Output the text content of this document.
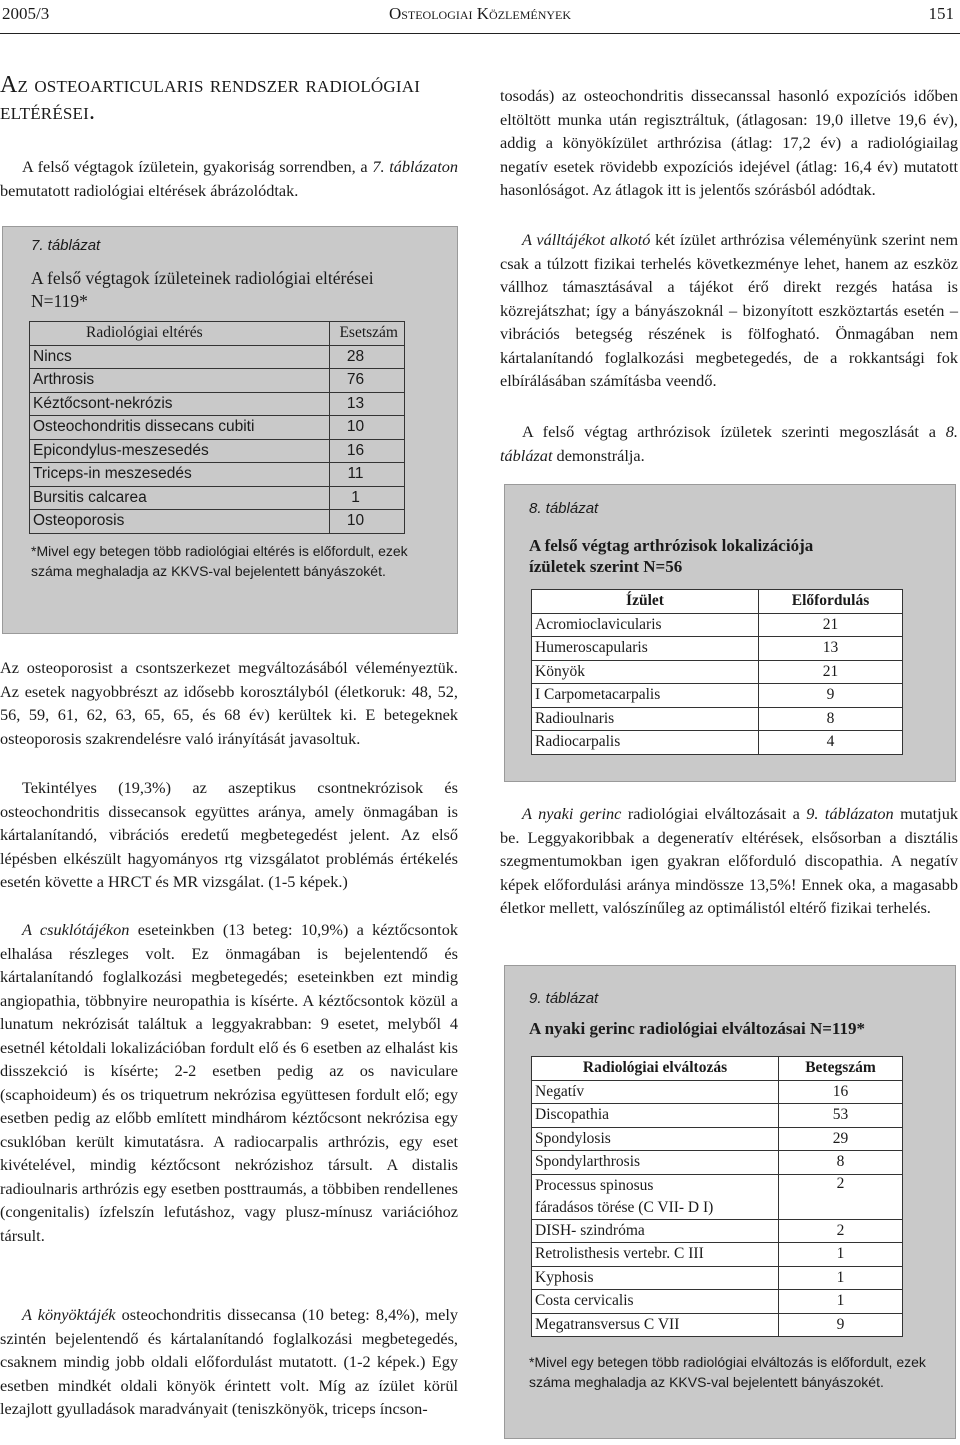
2005/3	Osteologiai Közlemények	151
Az osteoarticularis rendszer radiológiai eltérései.
A felső végtagok ízületein, gyakoriság sorrendben, a 7. táblázaton bemutatott radiológiai eltérések ábrázolódtak.
7. táblázat
A felső végtagok ízületeinek radiológiai eltérései N=119*
Radiológiai eltérés	Esetszám
Nincs	28
Arthrosis	76
Kéztőcsont-nekrózis	13
Osteochondritis dissecans cubiti	10
Epicondylus-meszesedés	16
Triceps-in meszesedés	11
Bursitis calcarea	1
Osteoporosis	10
*Mivel egy betegen több radiológiai eltérés is előfordult, ezek száma meghaladja az KKVS-val bejelentett bányászokét.
Az osteoporosist a csontszerkezet megváltozásából véleményeztük. Az esetek nagyobbrészt az idősebb korosztályból (életkoruk: 48, 52, 56, 59, 61, 62, 63, 65, 65, és 68 év) kerültek ki. E betegeknek osteoporosis szakrendelésre való irányítását javasoltuk.
Tekintélyes (19,3%) az aszeptikus csontnekrózisok és osteochondritis dissecansok együttes aránya, amely önmagában is kártalanítandó, vibrációs eredetű megbetegedést jelent. Az első lépésben elkészült hagyományos rtg vizsgálatot problémás értékelés esetén követte a HRCT és MR vizsgálat. (1-5 képek.)
A csuklótájékon eseteinkben (13 beteg: 10,9%) a kéztőcsontok elhalása részleges volt. Ez önmagában is bejelentendő és kártalanítandó foglalkozási megbetegedés; eseteinkben ezt mindig angiopathia, többnyire neuropathia is kísérte. A kéztőcsontok közül a lunatum nekrózisát találtuk a leggyakrabban: 9 esetet, melyből 4 esetnél kétoldali lokalizációban fordult elő és 6 esetben az elhalást kis disszekció is kísérte; 2-2 esetben pedig az os naviculare (scaphoideum) és os triquetrum nekrózisa együttesen fordult elő; egy esetben pedig az előbb említett mindhárom kéztőcsont nekrózisa egy csuklóban került kimutatásra. A radiocarpalis arthrózis, egy eset kivételével, mindig kéztőcsont nekrózishoz társult. A distalis radioulnaris arthrózis egy esetben posttraumás, a többiben rendellenes (congenitalis) ízfelszín lefutáshoz, vagy plusz-mínusz variációhoz társult.
A könyöktájék osteochondritis dissecansa (10 beteg: 8,4%), mely szintén bejelentendő és kártalanítandó foglalkozási megbetegedés, csaknem mindig jobb oldali előfordulást mutatott. (1-2 képek.) Egy esetben mindkét oldali könyök érintett volt. Míg az ízület körül lezajlott gyulladások maradványait (teniszkönyök, triceps íncson-
tosodás) az osteochondritis dissecanssal hasonló expozíciós időben eltöltött munka után regisztráltuk, (átlagosan: 19,0 illetve 19,6 év), addig a könyökízület arthrózisa (átlag: 17,2 év) a radiológiailag negatív esetek rövidebb expozíciós idejével (átlag: 16,4 év) mutatott hasonlóságot. Az átlagok itt is jelentős szórásból adódtak.
A válltájékot alkotó két ízület arthrózisa véleményünk szerint nem csak a túlzott fizikai terhelés következménye lehet, hanem az eszköz vállhoz támasztásával a tájékot érő direkt rezgés hatása is közrejátszhat; így a bányászoknál – bizonyított eszköztartás esetén – vibrációs betegség részének is fölfogható. Önmagában nem kártalanítandó foglalkozási megbetegedés, de a rokkantsági fok elbírálásában számításba veendő.
A felső végtag arthrózisok ízületek szerinti megoszlását a 8. táblázat demonstrálja.
8. táblázat
A felső végtag arthrózisok lokalizációja
ízületek szerint N=56
Ízület	Előfordulás
Acromioclavicularis	21
Humeroscapularis	13
Könyök	21
I Carpometacarpalis	9
Radioulnaris	8
Radiocarpalis	4
A nyaki gerinc radiológiai elváltozásait a 9. táblázaton mutatjuk be. Leggyakoribbak a degeneratív eltérések, elsősorban a disztális szegmentumokban igen gyakran előforduló discopathia. A negatív képek előfordulási aránya mindössze 13,5%! Ennek oka, a magasabb életkor mellett, valószínűleg az optimálistól eltérő fizikai terhelés.
9. táblázat
A nyaki gerinc radiológiai elváltozásai N=119*
Radiológiai elváltozás	Betegszám
Negatív	16
Discopathia	53
Spondylosis	29
Spondylarthrosis	8
Processus spinosus
fáradásos törése (C VII- D I)	2
DISH- szindróma	2
Retrolisthesis vertebr. C III	1
Kyphosis	1
Costa cervicalis	1
Megatransversus C VII	9
*Mivel egy betegen több radiológiai elváltozás is előfordult, ezek száma meghaladja az KKVS-val bejelentett bányászokét.
